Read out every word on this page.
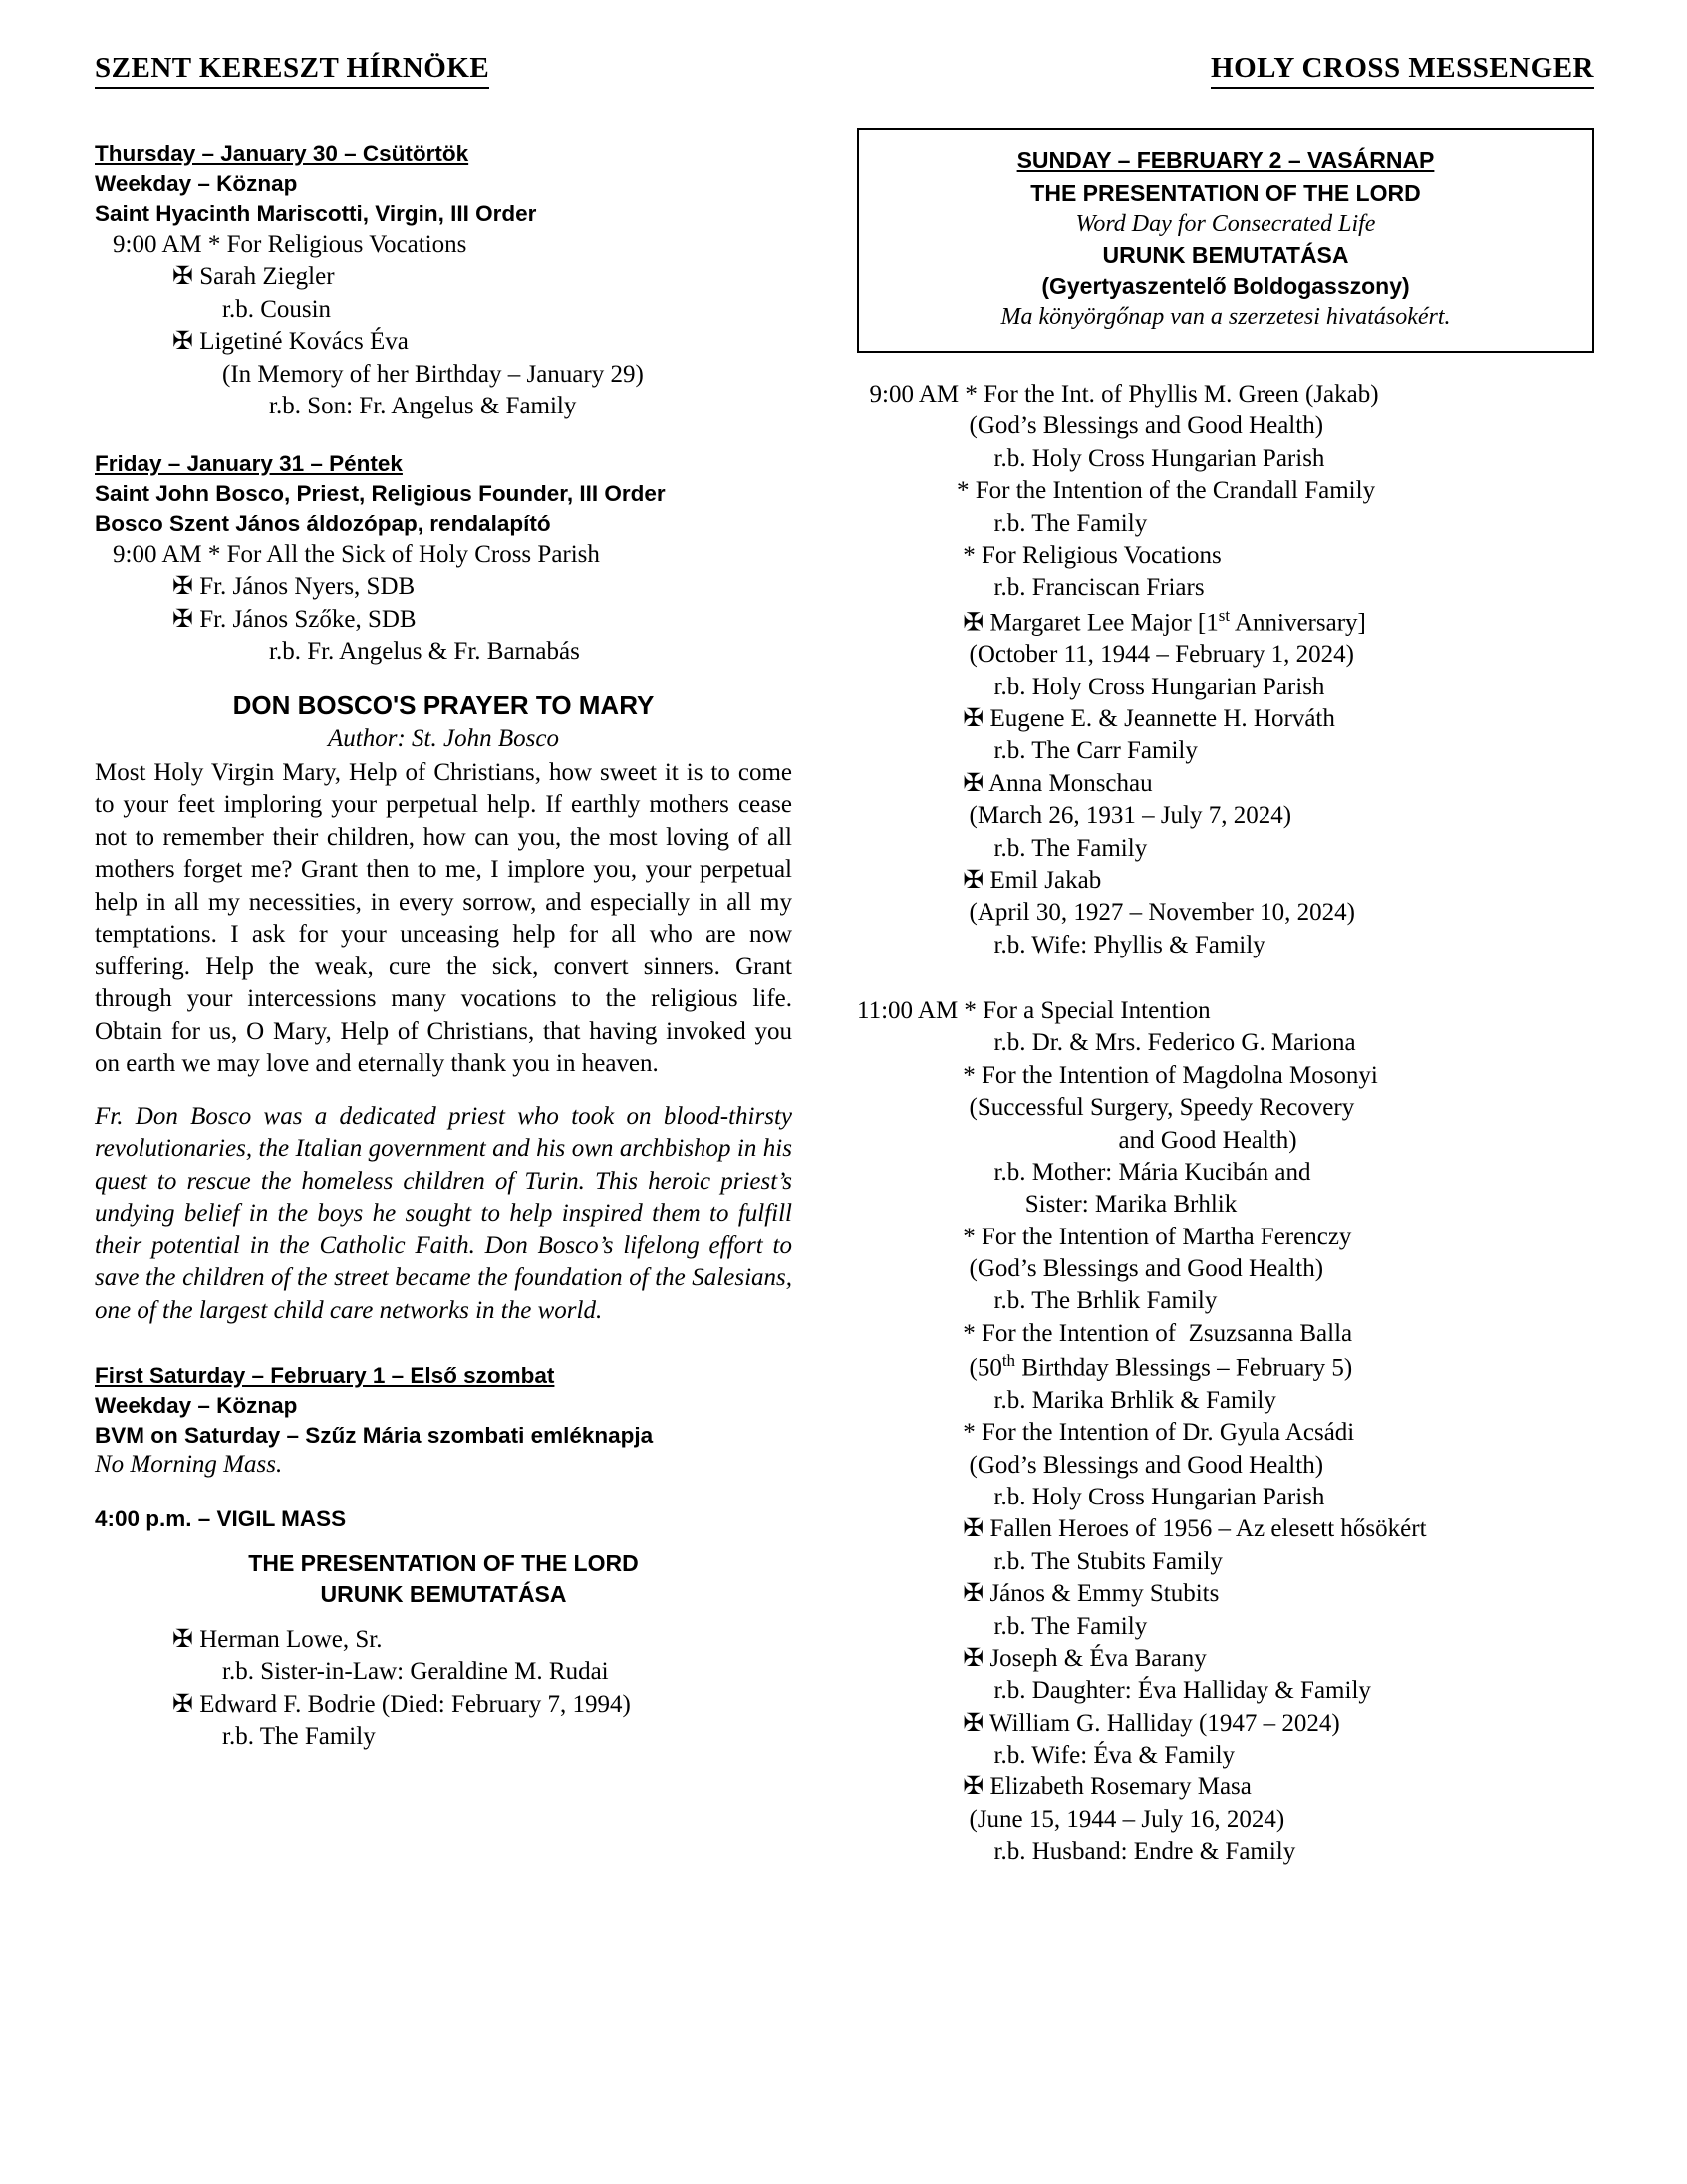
SZENT KERESZT HÍRNÖKE	HOLY CROSS MESSENGER
Thursday – January 30 – Csütörtök
Weekday – Köznap
Saint Hyacinth Mariscotti, Virgin, III Order
9:00 AM * For Religious Vocations
✠ Sarah Ziegler
r.b. Cousin
✠ Ligetiné Kovács Éva
(In Memory of her Birthday – January 29)
r.b. Son: Fr. Angelus & Family
Friday – January 31 – Péntek
Saint John Bosco, Priest, Religious Founder, III Order
Bosco Szent János áldozópap, rendalapító
9:00 AM * For All the Sick of Holy Cross Parish
✠ Fr. János Nyers, SDB
✠ Fr. János Szőke, SDB
r.b. Fr. Angelus & Fr. Barnabás
DON BOSCO'S PRAYER TO MARY
Author: St. John Bosco
Most Holy Virgin Mary, Help of Christians, how sweet it is to come to your feet imploring your perpetual help. If earthly mothers cease not to remember their children, how can you, the most loving of all mothers forget me? Grant then to me, I implore you, your perpetual help in all my necessities, in every sorrow, and especially in all my temptations. I ask for your unceasing help for all who are now suffering. Help the weak, cure the sick, convert sinners. Grant through your intercessions many vocations to the religious life. Obtain for us, O Mary, Help of Christians, that having invoked you on earth we may love and eternally thank you in heaven.
Fr. Don Bosco was a dedicated priest who took on blood-thirsty revolutionaries, the Italian government and his own archbishop in his quest to rescue the homeless children of Turin. This heroic priest’s undying belief in the boys he sought to help inspired them to fulfill their potential in the Catholic Faith. Don Bosco’s lifelong effort to save the children of the street became the foundation of the Salesians, one of the largest child care networks in the world.
First Saturday – February 1 – Első szombat
Weekday – Köznap
BVM on Saturday – Szűz Mária szombati emléknapja
No Morning Mass.
4:00 p.m. – VIGIL MASS
THE PRESENTATION OF THE LORD
URUNK BEMUTATÁSA
✠ Herman Lowe, Sr.
r.b. Sister-in-Law: Geraldine M. Rudai
✠ Edward F. Bodrie (Died: February 7, 1994)
r.b. The Family
SUNDAY – FEBRUARY 2 – VASÁRNAP
THE PRESENTATION OF THE LORD
Word Day for Consecrated Life
URUNK BEMUTATÁSA
(Gyertyaszentelő Boldogasszony)
Ma könyörgőnap van a szerzetesi hivatásokért.
9:00 AM * For the Int. of Phyllis M. Green (Jakab)
(God’s Blessings and Good Health)
r.b. Holy Cross Hungarian Parish
* For the Intention of the Crandall Family
r.b. The Family
* For Religious Vocations
r.b. Franciscan Friars
✠ Margaret Lee Major [1st Anniversary]
(October 11, 1944 – February 1, 2024)
r.b. Holy Cross Hungarian Parish
✠ Eugene E. & Jeannette H. Horváth
r.b. The Carr Family
✠ Anna Monschau
(March 26, 1931 – July 7, 2024)
r.b. The Family
✠ Emil Jakab
(April 30, 1927 – November 10, 2024)
r.b. Wife: Phyllis & Family
11:00 AM * For a Special Intention
r.b. Dr. & Mrs. Federico G. Mariona
* For the Intention of Magdolna Mosonyi
(Successful Surgery, Speedy Recovery
and Good Health)
r.b. Mother: Mária Kucibán and
Sister: Marika Brhlik
* For the Intention of Martha Ferenczy
(God’s Blessings and Good Health)
r.b. The Brhlik Family
* For the Intention of  Zsuzsanna Balla
(50th Birthday Blessings – February 5)
r.b. Marika Brhlik & Family
* For the Intention of Dr. Gyula Acsádi
(God’s Blessings and Good Health)
r.b. Holy Cross Hungarian Parish
✠ Fallen Heroes of 1956 – Az elesett hősökért
r.b. The Stubits Family
✠ János & Emmy Stubits
r.b. The Family
✠ Joseph & Éva Barany
r.b. Daughter: Éva Halliday & Family
✠ William G. Halliday (1947 – 2024)
r.b. Wife: Éva & Family
✠ Elizabeth Rosemary Masa
(June 15, 1944 – July 16, 2024)
r.b. Husband: Endre & Family
